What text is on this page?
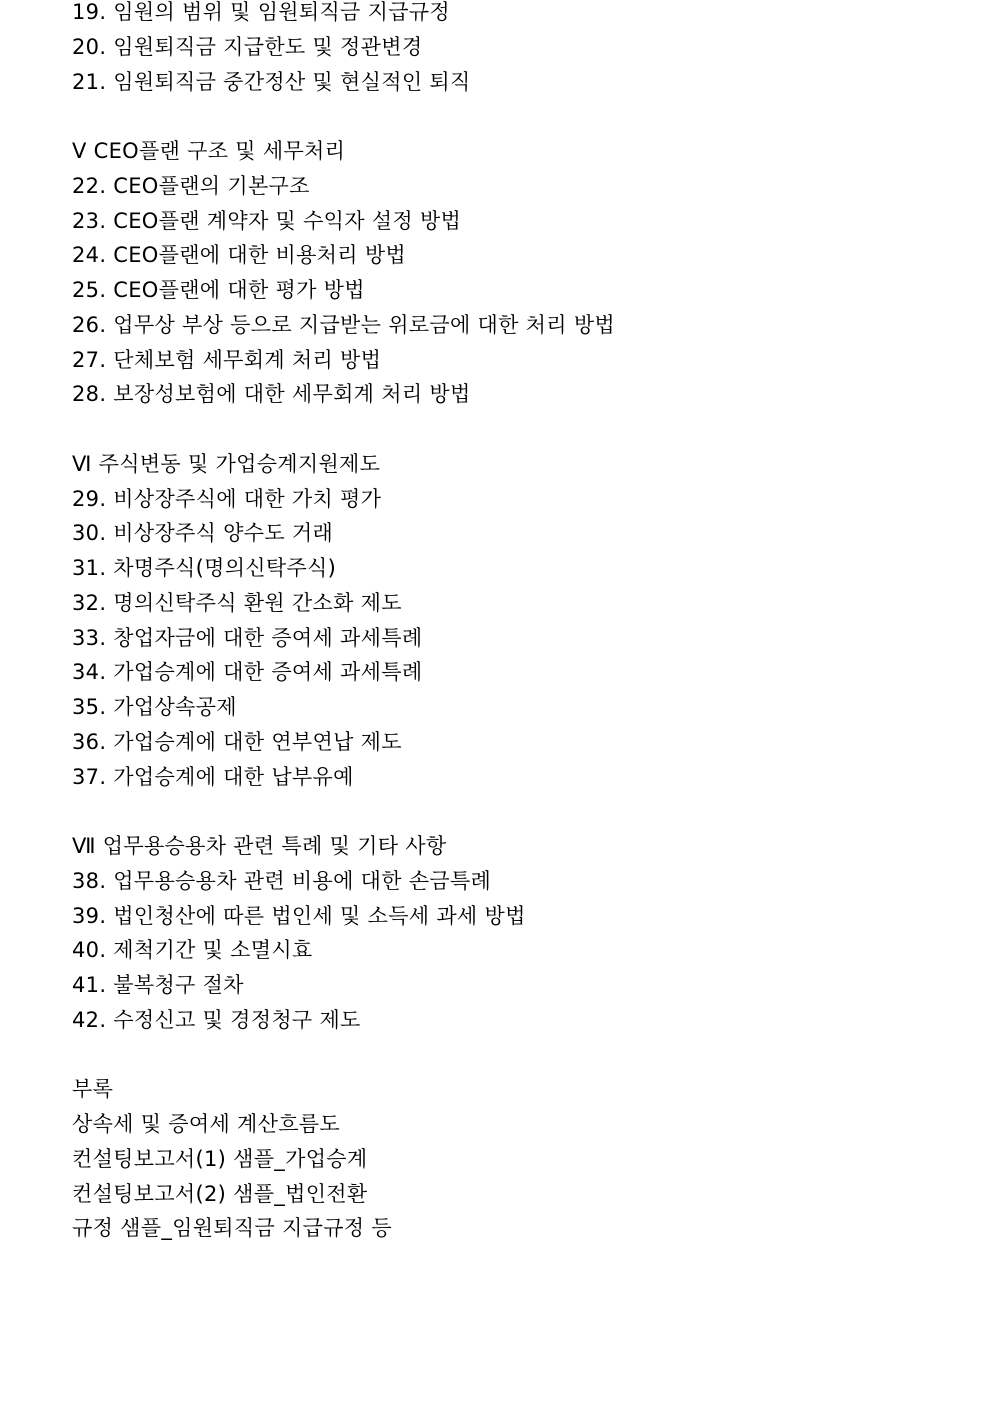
19. 임원의 범위 및 임원퇴직금 지급규정
20. 임원퇴직금 지급한도 및 정관변경
21. 임원퇴직금 중간정산 및 현실적인 퇴직
Ⅴ CEO플랜 구조 및 세무처리
22. CEO플랜의 기본구조
23. CEO플랜 계약자 및 수익자 설정 방법
24. CEO플랜에 대한 비용처리 방법
25. CEO플랜에 대한 평가 방법
26. 업무상 부상 등으로 지급받는 위로금에 대한 처리 방법
27. 단체보험 세무회계 처리 방법
28. 보장성보험에 대한 세무회계 처리 방법
Ⅵ 주식변동 및 가업승계지원제도
29. 비상장주식에 대한 가치 평가
30. 비상장주식 양수도 거래
31. 차명주식(명의신탁주식)
32. 명의신탁주식 환원 간소화 제도
33. 창업자금에 대한 증여세 과세특례
34. 가업승계에 대한 증여세 과세특례
35. 가업상속공제
36. 가업승계에 대한 연부연납 제도
37. 가업승계에 대한 납부유예
Ⅶ 업무용승용차 관련 특례 및 기타 사항
38. 업무용승용차 관련 비용에 대한 손금특례
39. 법인청산에 따른 법인세 및 소득세 과세 방법
40. 제척기간 및 소멸시효
41. 불복청구 절차
42. 수정신고 및 경정청구 제도
부록
상속세 및 증여세 계산흐름도
컨설팅보고서(1) 샘플_가업승계
컨설팅보고서(2) 샘플_법인전환
규정 샘플_임원퇴직금 지급규정 등
